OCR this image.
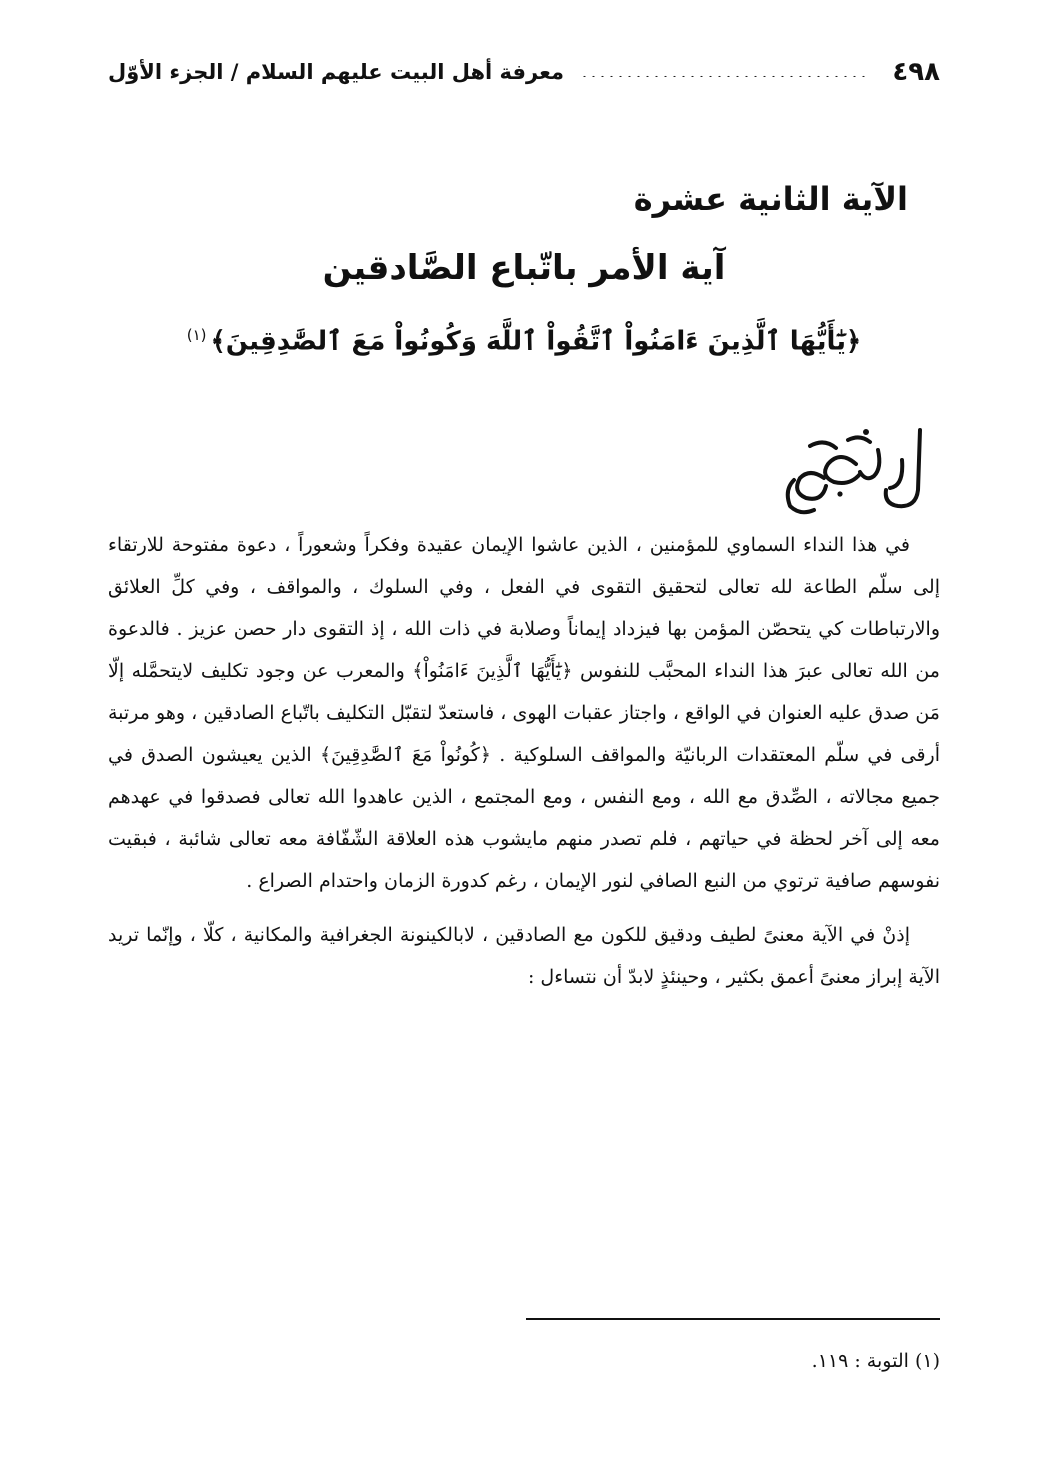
٤٩٨
معرفة أهل البيت عليهم السلام / الجزء الأوّل
الآية الثانية عشرة
آية الأمر باتّباع الصَّادقين
﴿يَٰٓأَيُّهَا ٱلَّذِينَ ءَامَنُواْ ٱتَّقُواْ ٱللَّهَ وَكُونُواْ مَعَ ٱلصَّٰدِقِينَ﴾$^{(١)}$

في هذا النداء السماوي للمؤمنين ، الذين عاشوا الإيمان عقيدة وفكراً وشعوراً ، دعوة مفتوحة للارتقاء إلى سلّم الطاعة لله تعالى لتحقيق التقوى في الفعل ، وفي السلوك ، والمواقف ، وفي كلِّ العلائق والارتباطات كي يتحصّن المؤمن بها فيزداد إيماناً وصلابة في ذات الله ، إذ التقوى دار حصن عزيز . فالدعوة من الله تعالى عبرَ هذا النداء المحبَّب للنفوس ﴿يَٰٓأَيُّهَا ٱلَّذِينَ ءَامَنُواْ﴾ والمعرب عن وجود تكليف لايتحمَّله إلّا مَن صدق عليه العنوان في الواقع ، واجتاز عقبات الهوى ، فاستعدّ لتقبّل التكليف باتّباع الصادقين ، وهو مرتبة أرقى في سلّم المعتقدات الربانيّة والمواقف السلوكية . ﴿كُونُواْ مَعَ ٱلصَّٰدِقِينَ﴾ الذين يعيشون الصدق في جميع مجالاته ، الصِّدق مع الله ، ومع النفس ، ومع المجتمع ، الذين عاهدوا الله تعالى فصدقوا في عهدهم معه إلى آخر لحظة في حياتهم ، فلم تصدر منهم مايشوب هذه العلاقة الشّفّافة معه تعالى شائبة ، فبقيت نفوسهم صافية ترتوي من النبع الصافي لنور الإيمان ، رغم كدورة الزمان واحتدام الصراع .

إذنْ في الآية معنىً لطيف ودقيق للكون مع الصادقين ، لابالكينونة الجغرافية والمكانية ، كلّا ، وإنّما تريد الآية إبراز معنىً أعمق بكثير ، وحينئذٍ لابدّ أن نتساءل :

(١) التوبة : ١١٩.
